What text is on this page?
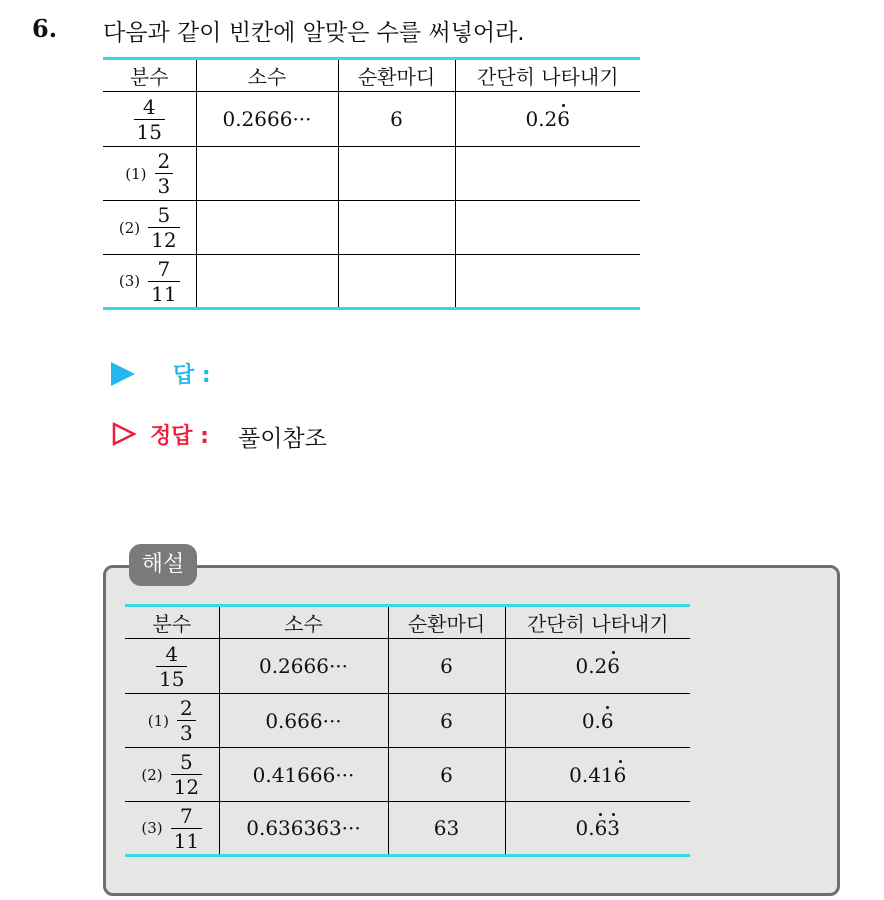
6. 다음과 같이 빈칸에 알맞은 수를 써넣어라.
분수	소수	순환마디	간단히 나타내기

$\frac{4}{15}$	0.2666···	6	0.26
$(1) \frac{2}{3}$

$(2) \frac{5}{12}$

$(3) \frac{7}{11}$

답 :
정답 : 풀이참조
해설
분수	소수	순환마디	간단히 나타내기

$\frac{4}{15}$	0.2666···	6	0.26
$(1) \frac{2}{3}$	0.666···	6	0.6
$(2) \frac{5}{12}$	0.41666···	6	0.416
$(3) \frac{7}{11}$	0.636363···	63	0.63
